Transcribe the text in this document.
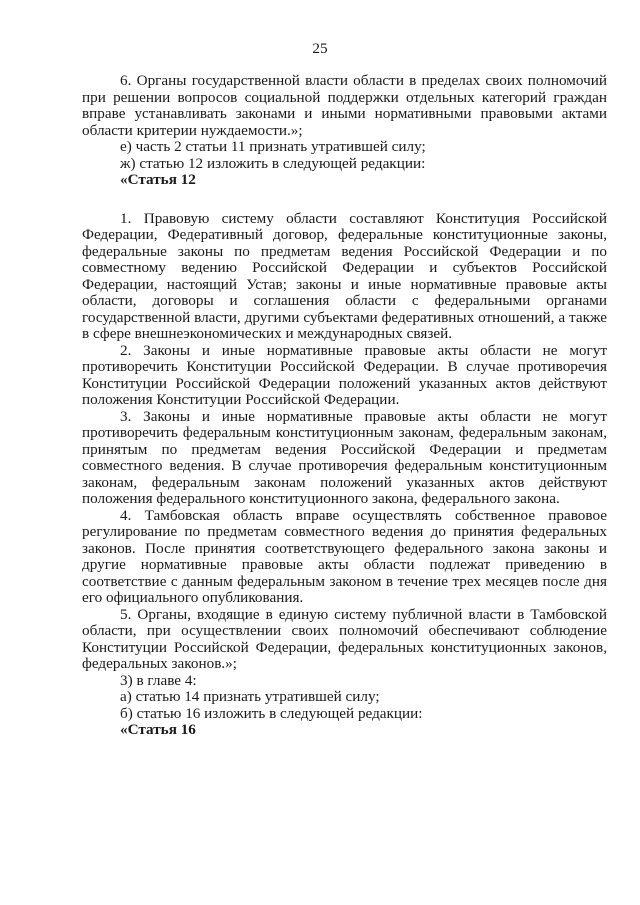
25

6. Органы государственной власти области в пределах своих полномочий при решении вопросов социальной поддержки отдельных категорий граждан вправе устанавливать законами и иными нормативными правовыми актами области критерии нуждаемости.»;

е) часть 2 статьи 11 признать утратившей силу;

ж) статью 12 изложить в следующей редакции:

«Статья 12

1. Правовую систему области составляют Конституция Российской Федерации, Федеративный договор, федеральные конституционные законы, федеральные законы по предметам ведения Российской Федерации и по совместному ведению Российской Федерации и субъектов Российской Федерации, настоящий Устав; законы и иные нормативные правовые акты области, договоры и соглашения области с федеральными органами государственной власти, другими субъектами федеративных отношений, а также в сфере внешнеэкономических и международных связей.

2. Законы и иные нормативные правовые акты области не могут противоречить Конституции Российской Федерации. В случае противоречия Конституции Российской Федерации положений указанных актов действуют положения Конституции Российской Федерации.

3. Законы и иные нормативные правовые акты области не могут противоречить федеральным конституционным законам, федеральным законам, принятым по предметам ведения Российской Федерации и предметам совместного ведения. В случае противоречия федеральным конституционным законам, федеральным законам положений указанных актов действуют положения федерального конституционного закона, федерального закона.

4. Тамбовская область вправе осуществлять собственное правовое регулирование по предметам совместного ведения до принятия федеральных законов. После принятия соответствующего федерального закона законы и другие нормативные правовые акты области подлежат приведению в соответствие с данным федеральным законом в течение трех месяцев после дня его официального опубликования.

5. Органы, входящие в единую систему публичной власти в Тамбовской области, при осуществлении своих полномочий обеспечивают соблюдение Конституции Российской Федерации, федеральных конституционных законов, федеральных законов.»;

3) в главе 4:

а) статью 14 признать утратившей силу;

б) статью 16 изложить в следующей редакции:

«Статья 16
